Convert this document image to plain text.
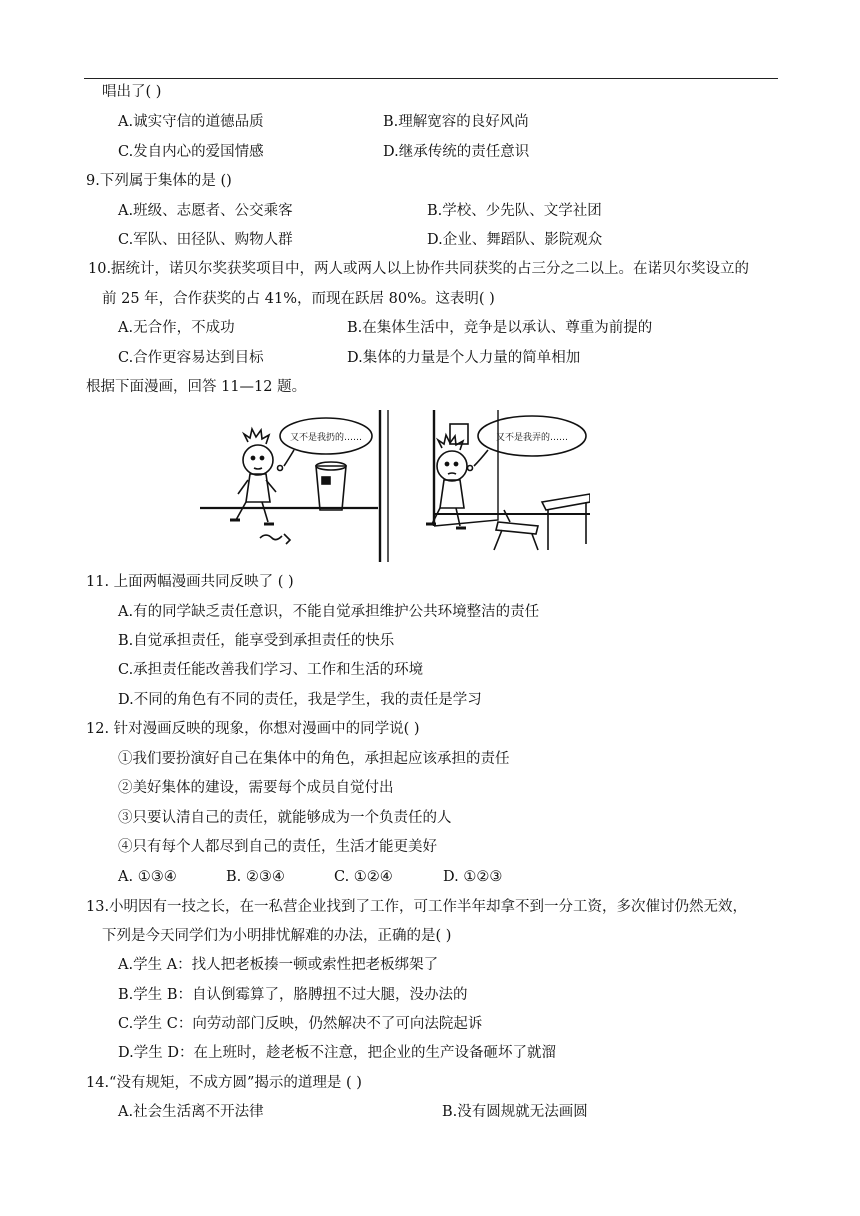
唱出了( )
A.诚实守信的道德品质	B.理解宽容的良好风尚
C.发自内心的爱国情感	D.继承传统的责任意识
9.下列属于集体的是 ()
A.班级、志愿者、公交乘客	B.学校、少先队、文学社团
C.军队、田径队、购物人群	D.企业、舞蹈队、影院观众
10.据统计，诺贝尔奖获奖项目中，两人或两人以上协作共同获奖的占三分之二以上。在诺贝尔奖设立的
前 25 年，合作获奖的占 41%，而现在跃居 80%。这表明( )
A.无合作，不成功	B.在集体生活中，竞争是以承认、尊重为前提的
C.合作更容易达到目标	D.集体的力量是个人力量的简单相加
根据下面漫画，回答 11—12 题。
又不是我扔的……	又不是我弄的……
11. 上面两幅漫画共同反映了 ( )
A.有的同学缺乏责任意识，不能自觉承担维护公共环境整洁的责任
B.自觉承担责任，能享受到承担责任的快乐
C.承担责任能改善我们学习、工作和生活的环境
D.不同的角色有不同的责任，我是学生，我的责任是学习
12. 针对漫画反映的现象，你想对漫画中的同学说( )
①我们要扮演好自己在集体中的角色，承担起应该承担的责任
②美好集体的建设，需要每个成员自觉付出
③只要认清自己的责任，就能够成为一个负责任的人
④只有每个人都尽到自己的责任，生活才能更美好
A. ①③④	B. ②③④	C. ①②④	D. ①②③
13.小明因有一技之长，在一私营企业找到了工作，可工作半年却拿不到一分工资，多次催讨仍然无效，
下列是今天同学们为小明排忧解难的办法，正确的是( )
A.学生 A：找人把老板揍一顿或索性把老板绑架了
B.学生 B：自认倒霉算了，胳膊扭不过大腿，没办法的
C.学生 C：向劳动部门反映，仍然解决不了可向法院起诉
D.学生 D：在上班时，趁老板不注意，把企业的生产设备砸坏了就溜
14.“没有规矩，不成方圆”揭示的道理是 ( )
A.社会生活离不开法律	B.没有圆规就无法画圆
